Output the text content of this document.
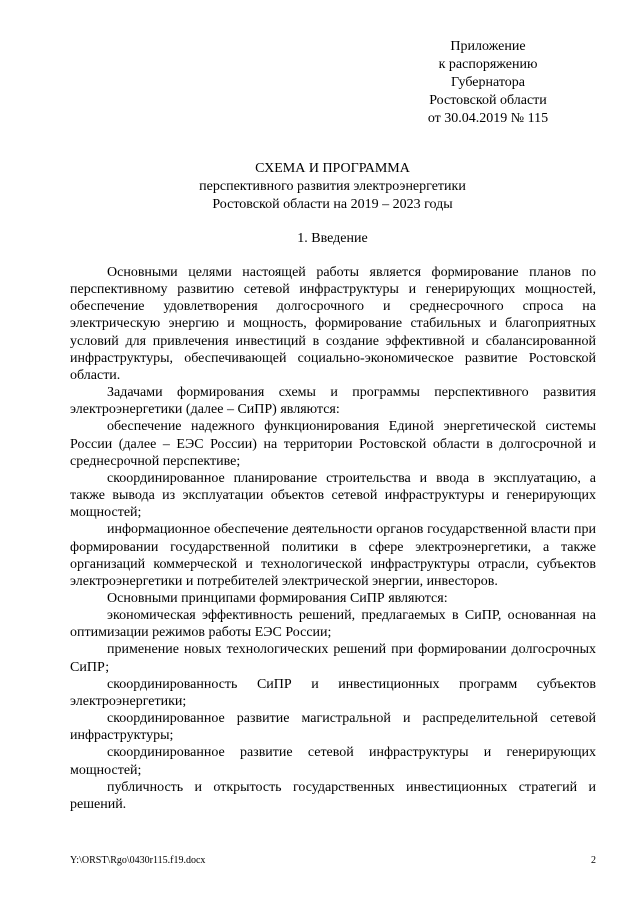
Приложение
к распоряжению
Губернатора
Ростовской области
от 30.04.2019 № 115
СХЕМА И ПРОГРАММА
перспективного развития электроэнергетики
Ростовской области на 2019 – 2023 годы
1. Введение

Основными целями настоящей работы является формирование планов по перспективному развитию сетевой инфраструктуры и генерирующих мощностей, обеспечение удовлетворения долгосрочного и среднесрочного спроса на электрическую энергию и мощность, формирование стабильных и благоприятных условий для привлечения инвестиций в создание эффективной и сбалансированной инфраструктуры, обеспечивающей социально-экономическое развитие Ростовской области.

Задачами формирования схемы и программы перспективного развития электроэнергетики (далее – СиПР) являются:

обеспечение надежного функционирования Единой энергетической системы России (далее – ЕЭС России) на территории Ростовской области в долгосрочной и среднесрочной перспективе;

скоординированное планирование строительства и ввода в эксплуатацию, а также вывода из эксплуатации объектов сетевой инфраструктуры и генерирующих мощностей;

информационное обеспечение деятельности органов государственной власти при формировании государственной политики в сфере электроэнергетики, а также организаций коммерческой и технологической инфраструктуры отрасли, субъектов электроэнергетики и потребителей электрической энергии, инвесторов.

Основными принципами формирования СиПР являются:

экономическая эффективность решений, предлагаемых в СиПР, основанная на оптимизации режимов работы ЕЭС России;

применение новых технологических решений при формировании долгосрочных СиПР;

скоординированность СиПР и инвестиционных программ субъектов электроэнергетики;

скоординированное развитие магистральной и распределительной сетевой инфраструктуры;

скоординированное развитие сетевой инфраструктуры и генерирующих мощностей;

публичность и открытость государственных инвестиционных стратегий и решений.

Y:\ORST\Rgo\0430r115.f19.docx	2
